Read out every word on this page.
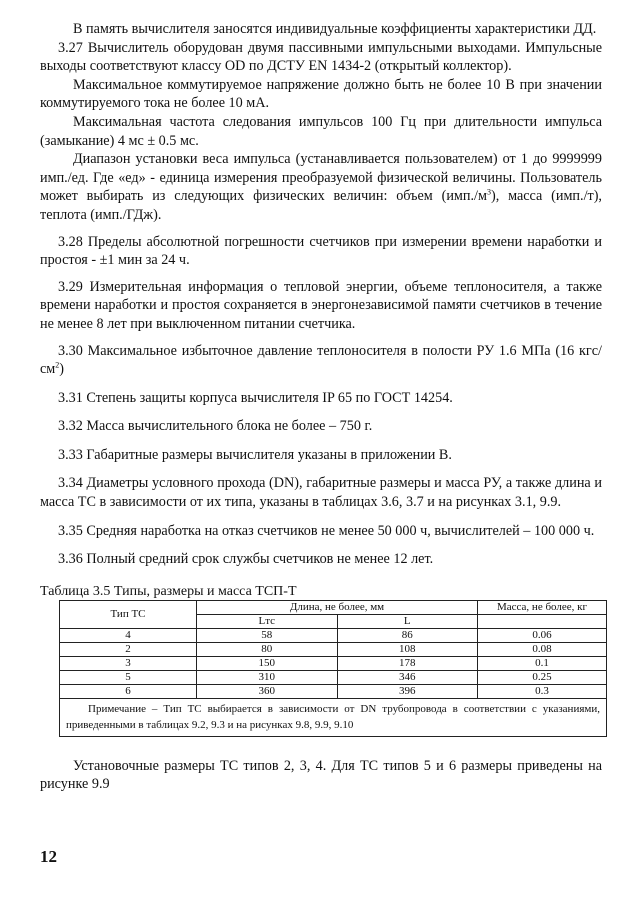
В память вычислителя заносятся индивидуальные коэффициенты характеристики ДД.

3.27 Вычислитель оборудован двумя пассивными импульсными выходами. Импульсные выходы соответствуют классу OD по ДСТУ EN 1434-2 (открытый коллектор).

Максимальное коммутируемое напряжение должно быть не более 10 В при значении коммутируемого тока не более 10 мА.

Максимальная частота следования импульсов 100 Гц при длительности импульса (замыкание) 4 мс ± 0.5 мс.

Диапазон установки веса импульса (устанавливается пользователем) от 1 до 9999999 имп./ед. Где «ед» - единица измерения преобразуемой физической величины. Пользователь может выбирать из следующих физических величин: объем $(имп./м^3)$, масса (имп./т), теплота (имп./ГДж).

3.28 Пределы абсолютной погрешности счетчиков при измерении времени наработки и простоя - ±1 мин за 24 ч.

3.29 Измерительная информация о тепловой энергии, объеме теплоносителя, а также времени наработки и простоя сохраняется в энергонезависимой памяти счетчиков в течение не менее 8 лет при выключенном питании счетчика.

3.30 Максимальное избыточное давление теплоносителя в полости РУ 1.6 МПа (16 кгс/$см^2$)

3.31 Степень защиты корпуса вычислителя IP 65 по ГОСТ 14254.

3.32 Масса вычислительного блока не более – 750 г.

3.33 Габаритные размеры вычислителя указаны в приложении В.

3.34 Диаметры условного прохода (DN), габаритные размеры и масса РУ, а также длина и масса ТС в зависимости от их типа, указаны в таблицах 3.6, 3.7 и на рисунках 3.1, 9.9.

3.35 Средняя наработка на отказ счетчиков не менее 50 000 ч, вычислителей – 100 000 ч.

3.36 Полный средний срок службы счетчиков не менее 12 лет.

Таблица 3.5 Типы, размеры и масса ТСП-Т

Тип ТС	Длина, не более, мм		Масса, не более, кг
	Lтс	L	
4	58	86	0.06
2	80	108	0.08
3	150	178	0.1
5	310	346	0.25
6	360	396	0.3
Примечание – Тип ТС выбирается в зависимости от DN трубопровода в соответствии с указаниями, приведенными в таблицах 9.2, 9.3 и на рисунках 9.8, 9.9, 9.10			

Установочные размеры ТС типов 2, 3, 4. Для ТС типов 5 и 6 размеры приведены на рисунке 9.9

12
